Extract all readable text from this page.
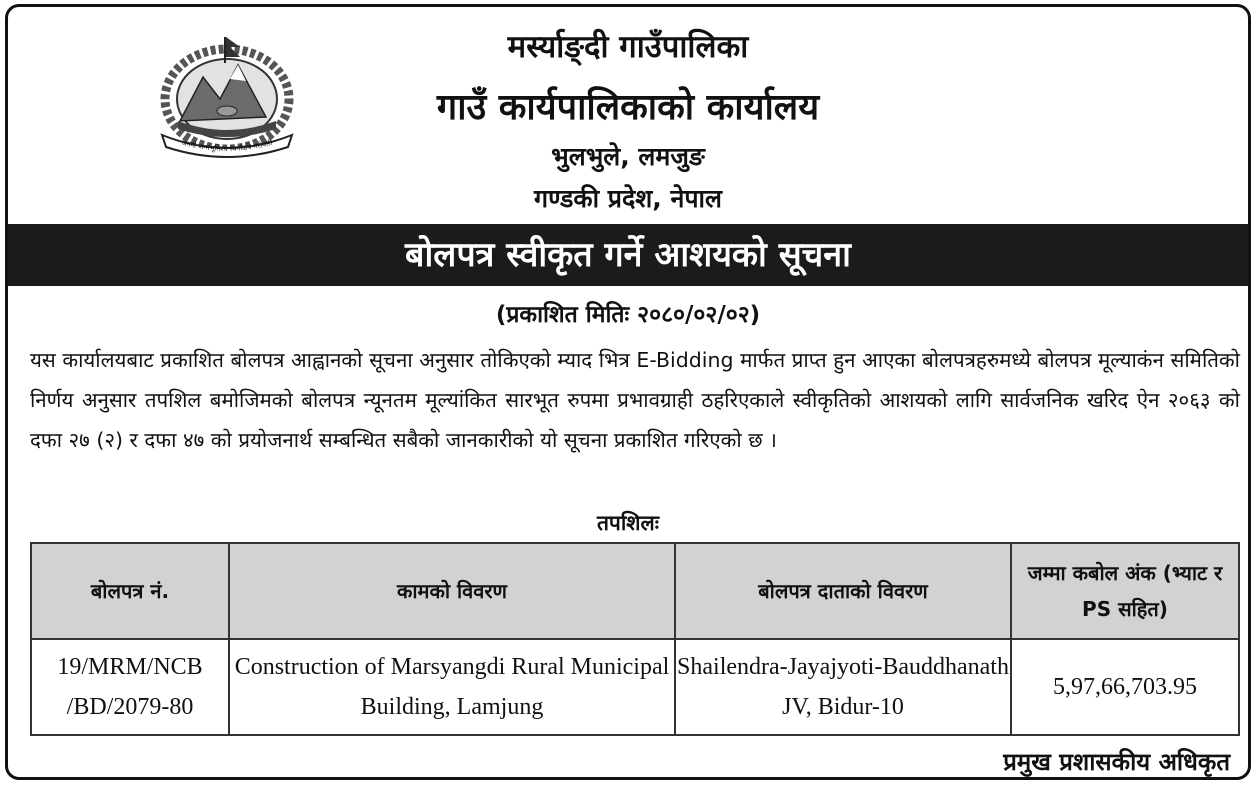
जननी जन्मभूमिश्च स्वर्गादपि गरीयसी
मर्स्याङ्दी गाउँपालिका
गाउँ कार्यपालिकाको कार्यालय
भुलभुले, लमजुङ
गण्डकी प्रदेश, नेपाल
बोलपत्र स्वीकृत गर्ने आशयको सूचना
(प्रकाशित मितिः २०८०/०२/०२)
यस कार्यालयबाट प्रकाशित बोलपत्र आह्वानको सूचना अनुसार तोकिएको म्याद भित्र E-Bidding मार्फत प्राप्त हुन आएका बोलपत्रहरुमध्ये बोलपत्र मूल्याकंन समितिको निर्णय अनुसार तपशिल बमोजिमको बोलपत्र न्यूनतम मूल्यांकित सारभूत रुपमा प्रभावग्राही ठहरिएकाले स्वीकृतिको आशयको लागि सार्वजनिक खरिद ऐन २०६३ को दफा २७ (२) र दफा ४७ को प्रयोजनार्थ सम्बन्धित सबैको जानकारीको यो सूचना प्रकाशित गरिएको छ ।
तपशिलः
बोलपत्र नं.	कामको विवरण	बोलपत्र दाताको विवरण	जम्मा कबोल अंक (भ्याट र PS सहित)
19/MRM/NCB /BD/2079-80	Construction of Marsyangdi Rural Municipal Building, Lamjung	Shailendra-Jayajyoti-Bauddhanath JV, Bidur-10	5,97,66,703.95
प्रमुख प्रशासकीय अधिकृत
